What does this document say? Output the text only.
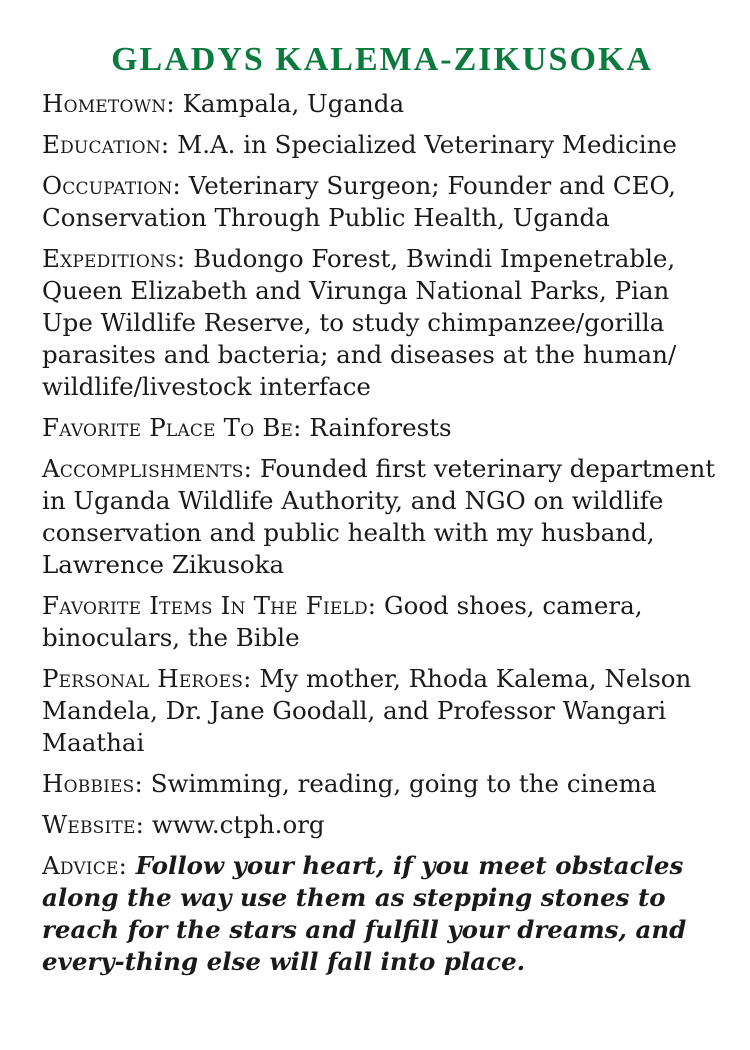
GLADYS KALEMA-ZIKUSOKA

Hometown: Kampala, Uganda

Education: M.A. in Specialized Veterinary Medicine

Occupation: Veterinary Surgeon; Founder and CEO, Conservation Through Public Health, Uganda

Expeditions: Budongo Forest, Bwindi Impenetrable, Queen Elizabeth and Virunga National Parks, Pian Upe Wildlife Reserve, to study chimpanzee/gorilla parasites and bacteria; and diseases at the human/ wildlife/livestock interface

Favorite Place To Be: Rainforests

Accomplishments: Founded first veterinary department in Uganda Wildlife Authority, and NGO on wildlife conservation and public health with my husband, Lawrence Zikusoka

Favorite Items In The Field: Good shoes, camera, binoculars, the Bible

Personal Heroes: My mother, Rhoda Kalema, Nelson Mandela, Dr. Jane Goodall, and Professor Wangari Maathai

Hobbies: Swimming, reading, going to the cinema

Website: www.ctph.org

Advice: Follow your heart, if you meet obstacles along the way use them as stepping stones to reach for the stars and fulfill your dreams, and every-thing else will fall into place.
